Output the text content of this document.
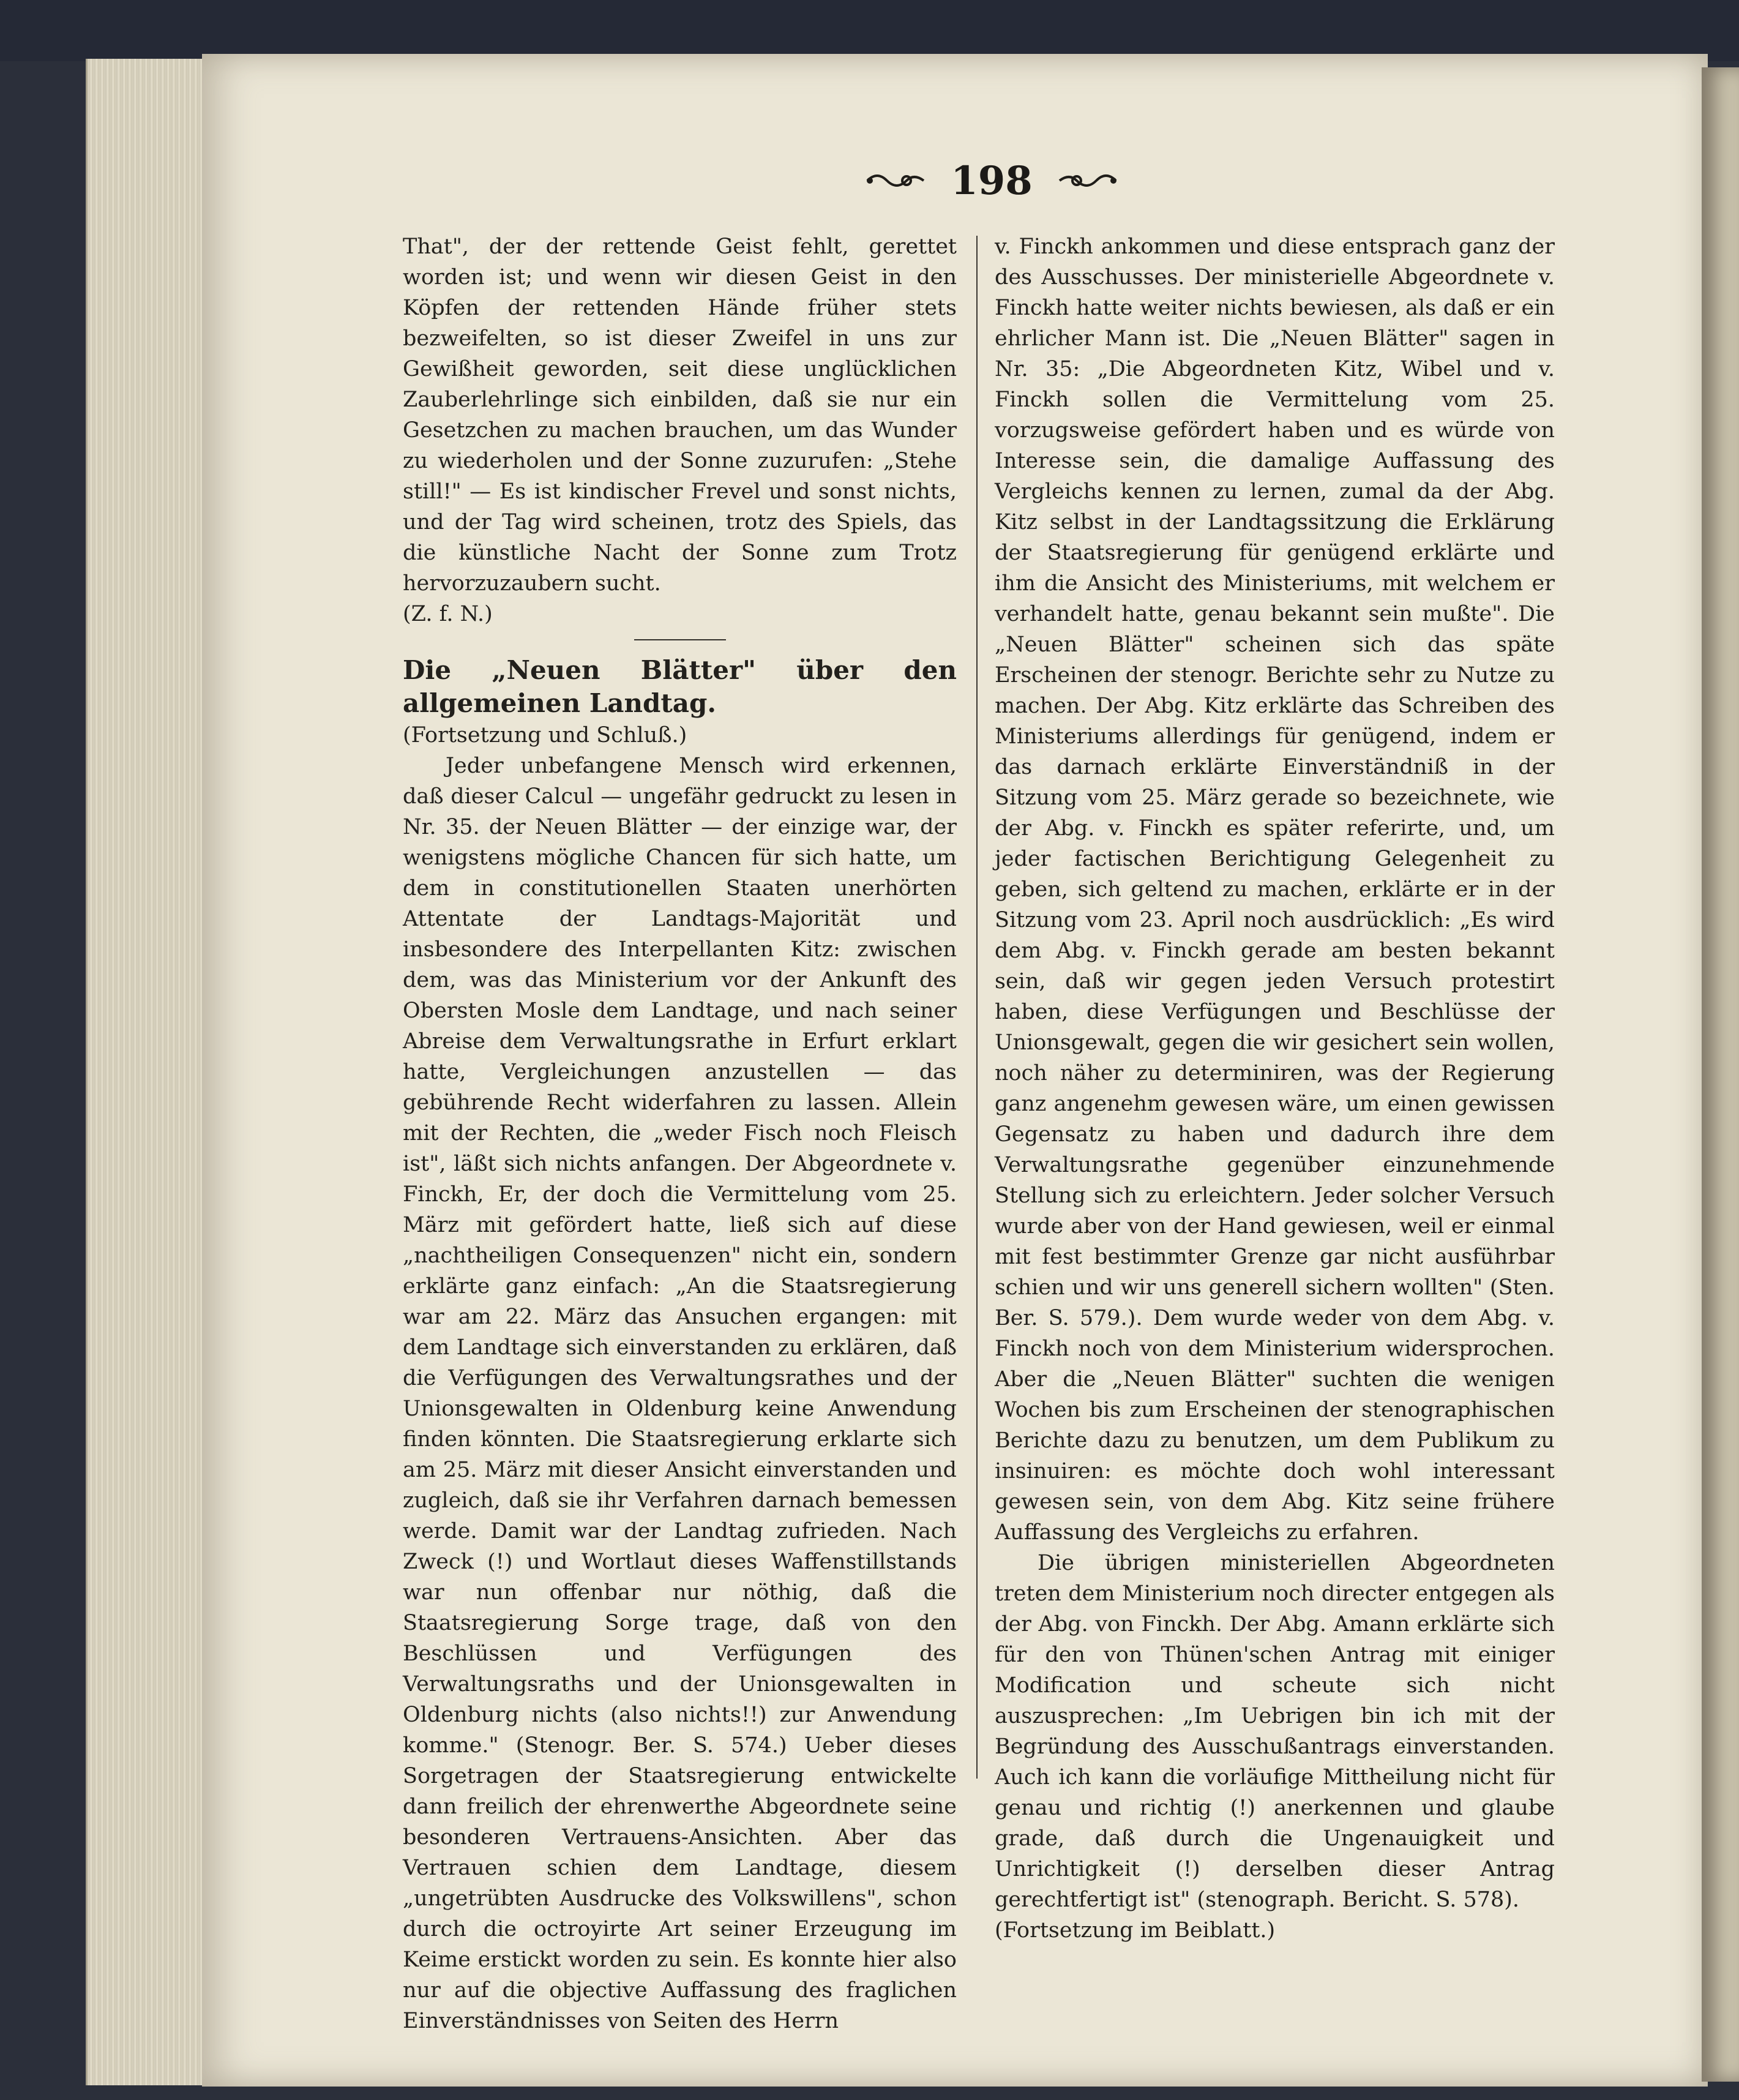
198

That", der der rettende Geist fehlt, gerettet worden ist; und wenn wir diesen Geist in den Köpfen der rettenden Hände früher stets bezweifelten, so ist dieser Zweifel in uns zur Gewißheit geworden, seit diese unglücklichen Zauberlehrlinge sich einbilden, daß sie nur ein Gesetzchen zu machen brauchen, um das Wunder zu wiederholen und der Sonne zuzurufen: „Stehe still!" — Es ist kindischer Frevel und sonst nichts, und der Tag wird scheinen, trotz des Spiels, das die künstliche Nacht der Sonne zum Trotz hervorzuzaubern sucht.

(Z. f. N.)

Die „Neuen Blätter" über den allgemeinen Landtag.

(Fortsetzung und Schluß.)

Jeder unbefangene Mensch wird erkennen, daß dieser Calcul — ungefähr gedruckt zu lesen in Nr. 35. der Neuen Blätter — der einzige war, der wenigstens mögliche Chancen für sich hatte, um dem in constitutionellen Staaten unerhörten Attentate der Landtags-Majorität und insbesondere des Interpellanten Kitz: zwischen dem, was das Ministerium vor der Ankunft des Obersten Mosle dem Landtage, und nach seiner Abreise dem Verwaltungsrathe in Erfurt erklart hatte, Vergleichungen anzustellen — das gebührende Recht widerfahren zu lassen. Allein mit der Rechten, die „weder Fisch noch Fleisch ist", läßt sich nichts anfangen. Der Abgeordnete v. Finckh, Er, der doch die Vermittelung vom 25. März mit gefördert hatte, ließ sich auf diese „nachtheiligen Consequenzen" nicht ein, sondern erklärte ganz einfach: „An die Staatsregierung war am 22. März das Ansuchen ergangen: mit dem Landtage sich einverstanden zu erklären, daß die Verfügungen des Verwaltungsrathes und der Unionsgewalten in Oldenburg keine Anwendung finden könnten. Die Staatsregierung erklarte sich am 25. März mit dieser Ansicht einverstanden und zugleich, daß sie ihr Verfahren darnach bemessen werde. Damit war der Landtag zufrieden. Nach Zweck (!) und Wortlaut dieses Waffenstillstands war nun offenbar nur nöthig, daß die Staatsregierung Sorge trage, daß von den Beschlüssen und Verfügungen des Verwaltungsraths und der Unionsgewalten in Oldenburg nichts (also nichts!!) zur Anwendung komme." (Stenogr. Ber. S. 574.) Ueber dieses Sorgetragen der Staatsregierung entwickelte dann freilich der ehrenwerthe Abgeordnete seine besonderen Vertrauens-Ansichten. Aber das Vertrauen schien dem Landtage, diesem „ungetrübten Ausdrucke des Volkswillens", schon durch die octroyirte Art seiner Erzeugung im Keime erstickt worden zu sein. Es konnte hier also nur auf die objective Auffassung des fraglichen Einverständnisses von Seiten des Herrn

v. Finckh ankommen und diese entsprach ganz der des Ausschusses. Der ministerielle Abgeordnete v. Finckh hatte weiter nichts bewiesen, als daß er ein ehrlicher Mann ist. Die „Neuen Blätter" sagen in Nr. 35: „Die Abgeordneten Kitz, Wibel und v. Finckh sollen die Vermittelung vom 25. vorzugsweise gefördert haben und es würde von Interesse sein, die damalige Auffassung des Vergleichs kennen zu lernen, zumal da der Abg. Kitz selbst in der Landtagssitzung die Erklärung der Staatsregierung für genügend erklärte und ihm die Ansicht des Ministeriums, mit welchem er verhandelt hatte, genau bekannt sein mußte". Die „Neuen Blätter" scheinen sich das späte Erscheinen der stenogr. Berichte sehr zu Nutze zu machen. Der Abg. Kitz erklärte das Schreiben des Ministeriums allerdings für genügend, indem er das darnach erklärte Einverständniß in der Sitzung vom 25. März gerade so bezeichnete, wie der Abg. v. Finckh es später referirte, und, um jeder factischen Berichtigung Gelegenheit zu geben, sich geltend zu machen, erklärte er in der Sitzung vom 23. April noch ausdrücklich: „Es wird dem Abg. v. Finckh gerade am besten bekannt sein, daß wir gegen jeden Versuch protestirt haben, diese Verfügungen und Beschlüsse der Unionsgewalt, gegen die wir gesichert sein wollen, noch näher zu determiniren, was der Regierung ganz angenehm gewesen wäre, um einen gewissen Gegensatz zu haben und dadurch ihre dem Verwaltungsrathe gegenüber einzunehmende Stellung sich zu erleichtern. Jeder solcher Versuch wurde aber von der Hand gewiesen, weil er einmal mit fest bestimmter Grenze gar nicht ausführbar schien und wir uns generell sichern wollten" (Sten. Ber. S. 579.). Dem wurde weder von dem Abg. v. Finckh noch von dem Ministerium widersprochen. Aber die „Neuen Blätter" suchten die wenigen Wochen bis zum Erscheinen der stenographischen Berichte dazu zu benutzen, um dem Publikum zu insinuiren: es möchte doch wohl interessant gewesen sein, von dem Abg. Kitz seine frühere Auffassung des Vergleichs zu erfahren.

Die übrigen ministeriellen Abgeordneten treten dem Ministerium noch directer entgegen als der Abg. von Finckh. Der Abg. Amann erklärte sich für den von Thünen'schen Antrag mit einiger Modification und scheute sich nicht auszusprechen: „Im Uebrigen bin ich mit der Begründung des Ausschußantrags einverstanden. Auch ich kann die vorläufige Mittheilung nicht für genau und richtig (!) anerkennen und glaube grade, daß durch die Ungenauigkeit und Unrichtigkeit (!) derselben dieser Antrag gerechtfertigt ist" (stenograph. Bericht. S. 578).

(Fortsetzung im Beiblatt.)
